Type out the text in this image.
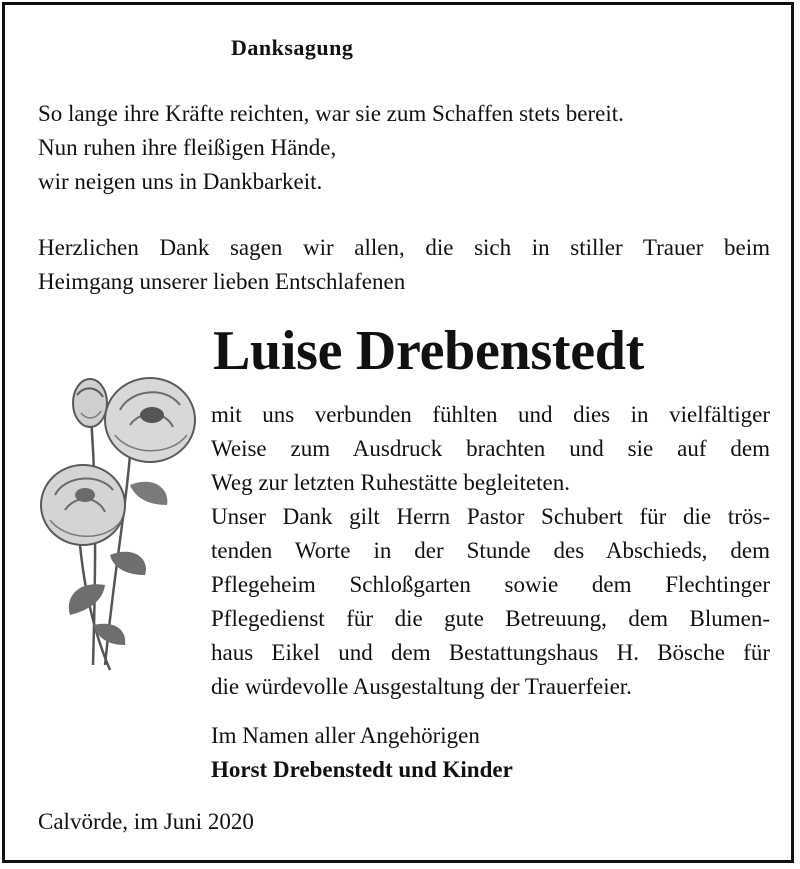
Danksagung
So lange ihre Kräfte reichten, war sie zum Schaffen stets bereit.
Nun ruhen ihre fleißigen Hände,
wir neigen uns in Dankbarkeit.
Herzlichen Dank sagen wir allen, die sich in stiller Trauer beim
Heimgang unserer lieben Entschlafenen
Luise Drebenstedt
mit uns verbunden fühlten und dies in vielfältiger
Weise zum Ausdruck brachten und sie auf dem
Weg zur letzten Ruhestätte begleiteten.
Unser Dank gilt Herrn Pastor Schubert für die trös-
tenden Worte in der Stunde des Abschieds, dem
Pflegeheim Schloßgarten sowie dem Flechtinger
Pflegedienst für die gute Betreuung, dem Blumen-
haus Eikel und dem Bestattungshaus H. Bösche für
die würdevolle Ausgestaltung der Trauerfeier.
Im Namen aller Angehörigen
Horst Drebenstedt und Kinder
Calvörde, im Juni 2020
